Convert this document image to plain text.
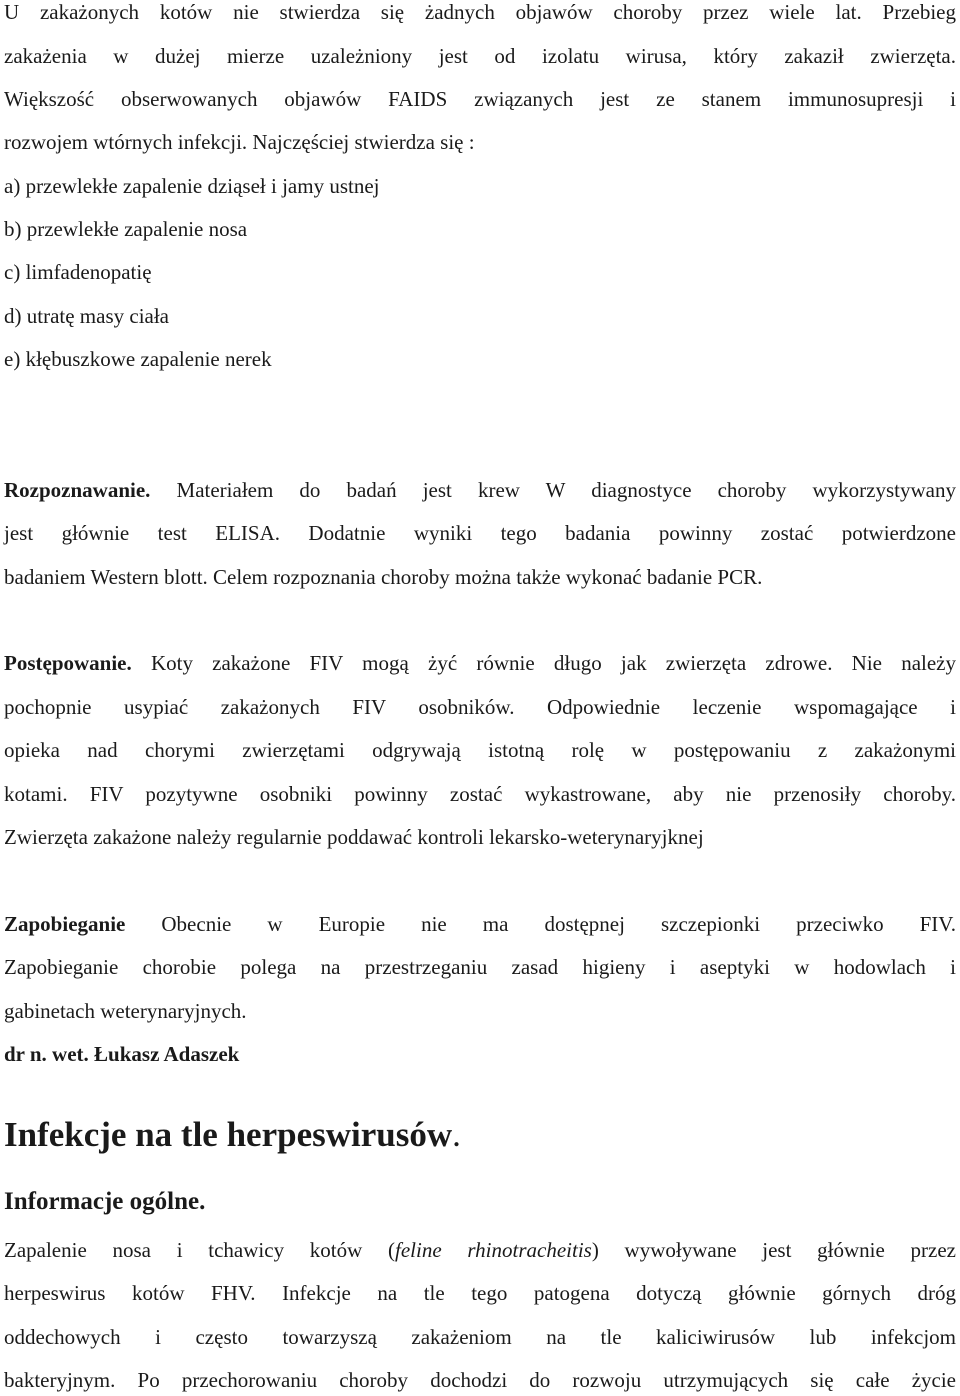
U zakażonych kotów nie stwierdza się żadnych objawów choroby przez wiele lat. Przebieg
zakażenia w dużej mierze uzależniony jest od izolatu wirusa, który zakaził zwierzęta.
Większość obserwowanych objawów FAIDS związanych jest ze stanem immunosupresji i
rozwojem wtórnych infekcji. Najczęściej stwierdza się :
a) przewlekłe zapalenie dziąseł i jamy ustnej
b) przewlekłe zapalenie nosa
c) limfadenopatię
d) utratę masy ciała
e) kłębuszkowe zapalenie nerek
Rozpoznawanie. Materiałem do badań jest krew W diagnostyce choroby wykorzystywany
jest głównie test ELISA. Dodatnie wyniki tego badania powinny zostać potwierdzone
badaniem Western blott. Celem rozpoznania choroby można także wykonać badanie PCR.
Postępowanie. Koty zakażone FIV mogą żyć równie długo jak zwierzęta zdrowe. Nie należy
pochopnie usypiać zakażonych FIV osobników. Odpowiednie leczenie wspomagające i
opieka nad chorymi zwierzętami odgrywają istotną rolę w postępowaniu z zakażonymi
kotami. FIV pozytywne osobniki powinny zostać wykastrowane, aby nie przenosiły choroby.
Zwierzęta zakażone należy regularnie poddawać kontroli lekarsko-weterynaryjknej
Zapobieganie Obecnie w Europie nie ma dostępnej szczepionki przeciwko FIV.
Zapobieganie chorobie polega na przestrzeganiu zasad higieny i aseptyki w hodowlach i
gabinetach weterynaryjnych.
dr n. wet. Łukasz Adaszek
Infekcje na tle herpeswirusów.
Informacje ogólne.
Zapalenie nosa i tchawicy kotów (feline rhinotracheitis) wywoływane jest głównie przez
herpeswirus kotów FHV. Infekcje na tle tego patogena dotyczą głównie górnych dróg
oddechowych i często towarzyszą zakażeniom na tle kaliciwirusów lub infekcjom
bakteryjnym. Po przechorowaniu choroby dochodzi do rozwoju utrzymujących się całe życie
